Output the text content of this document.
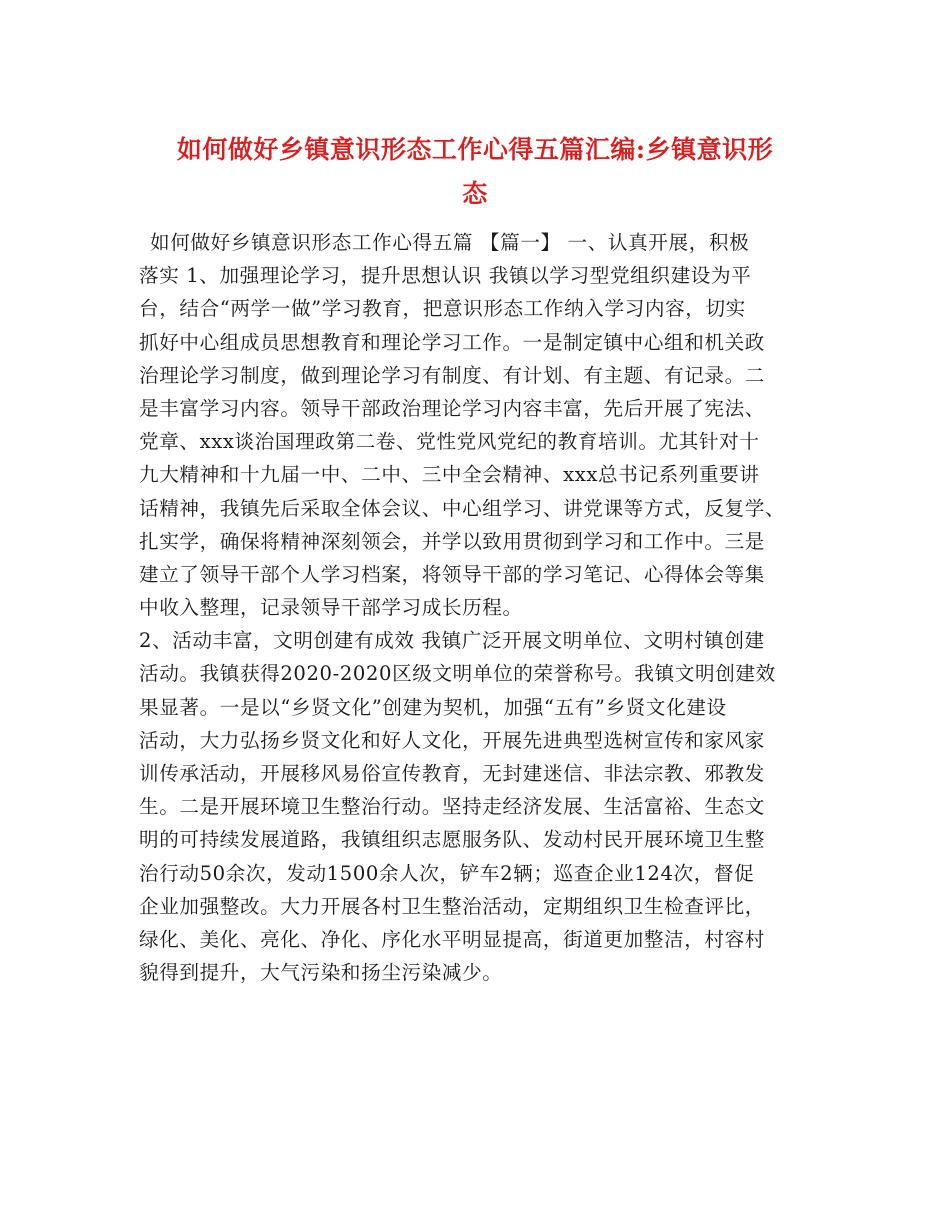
如何做好乡镇意识形态工作心得五篇汇编:乡镇意识形
态
如何做好乡镇意识形态工作心得五篇 【篇一】 一、认真开展，积极
落实 1、加强理论学习，提升思想认识 我镇以学习型党组织建设为平
台，结合“两学一做”学习教育，把意识形态工作纳入学习内容，切实
抓好中心组成员思想教育和理论学习工作。一是制定镇中心组和机关政
治理论学习制度，做到理论学习有制度、有计划、有主题、有记录。二
是丰富学习内容。领导干部政治理论学习内容丰富，先后开展了宪法、
党章、xxx谈治国理政第二卷、党性党风党纪的教育培训。尤其针对十
九大精神和十九届一中、二中、三中全会精神、xxx总书记系列重要讲
话精神，我镇先后采取全体会议、中心组学习、讲党课等方式，反复学、
扎实学，确保将精神深刻领会，并学以致用贯彻到学习和工作中。三是
建立了领导干部个人学习档案，将领导干部的学习笔记、心得体会等集
中收入整理，记录领导干部学习成长历程。
2、活动丰富，文明创建有成效 我镇广泛开展文明单位、文明村镇创建
活动。我镇获得2020-2020区级文明单位的荣誉称号。我镇文明创建效
果显著。一是以“乡贤文化”创建为契机，加强“五有”乡贤文化建设
活动，大力弘扬乡贤文化和好人文化，开展先进典型选树宣传和家风家
训传承活动，开展移风易俗宣传教育，无封建迷信、非法宗教、邪教发
生。二是开展环境卫生整治行动。坚持走经济发展、生活富裕、生态文
明的可持续发展道路，我镇组织志愿服务队、发动村民开展环境卫生整
治行动50余次，发动1500余人次，铲车2辆；巡查企业124次，督促
企业加强整改。大力开展各村卫生整治活动，定期组织卫生检查评比，
绿化、美化、亮化、净化、序化水平明显提高，街道更加整洁，村容村
貌得到提升，大气污染和扬尘污染减少。
